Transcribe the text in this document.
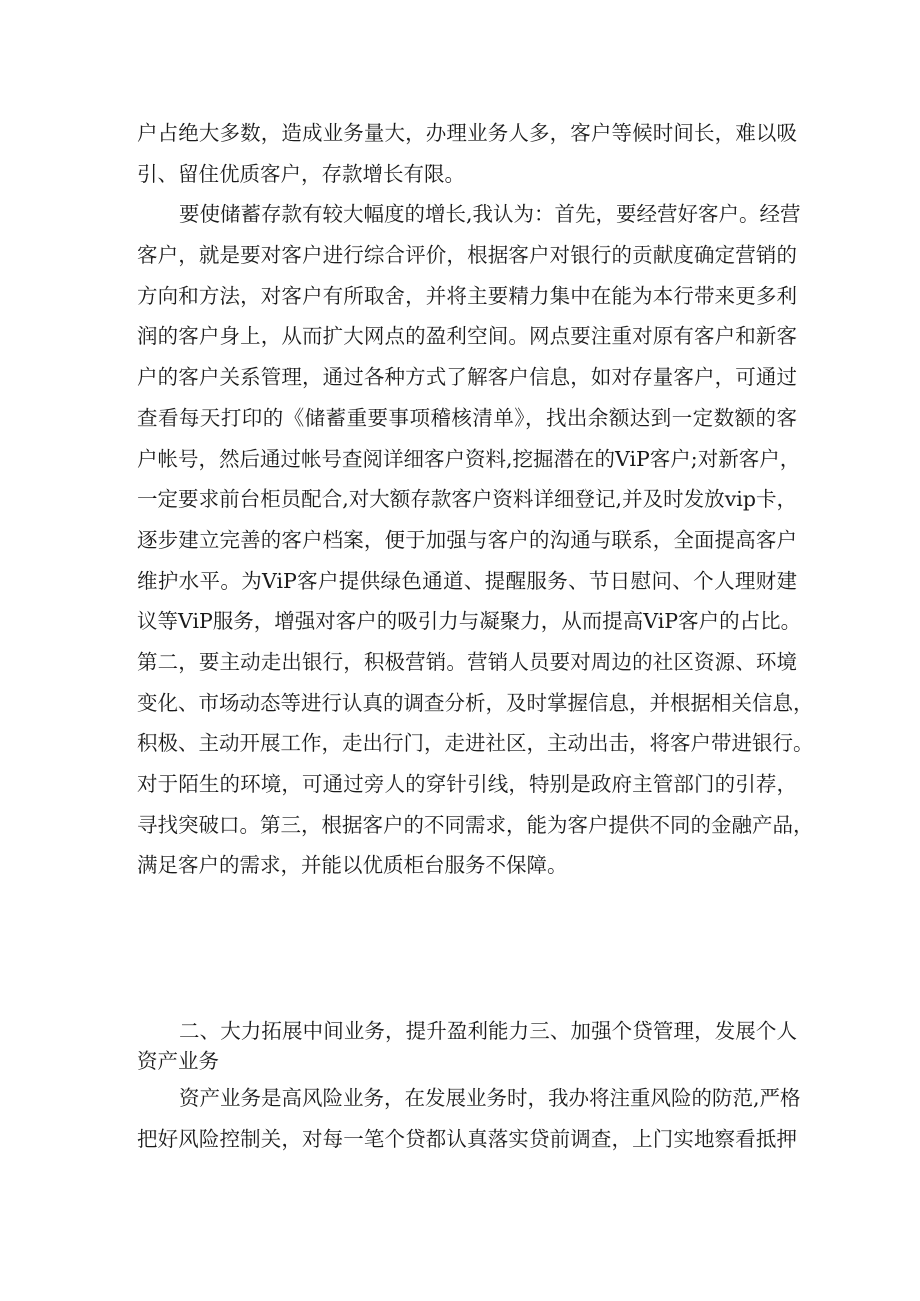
户占绝大多数，造成业务量大，办理业务人多，客户等候时间长，难以吸
引、留住优质客户，存款增长有限。
要使储蓄存款有较大幅度的增长,我认为：首先，要经营好客户。经营
客户，就是要对客户进行综合评价，根据客户对银行的贡献度确定营销的
方向和方法，对客户有所取舍，并将主要精力集中在能为本行带来更多利
润的客户身上，从而扩大网点的盈利空间。网点要注重对原有客户和新客
户的客户关系管理，通过各种方式了解客户信息，如对存量客户，可通过
查看每天打印的《储蓄重要事项稽核清单》，找出余额达到一定数额的客
户帐号，然后通过帐号查阅详细客户资料,挖掘潜在的ViP客户;对新客户，
一定要求前台柜员配合,对大额存款客户资料详细登记,并及时发放vip卡，
逐步建立完善的客户档案，便于加强与客户的沟通与联系，全面提高客户
维护水平。为ViP客户提供绿色通道、提醒服务、节日慰问、个人理财建
议等ViP服务，增强对客户的吸引力与凝聚力，从而提高ViP客户的占比。
第二，要主动走出银行，积极营销。营销人员要对周边的社区资源、环境
变化、市场动态等进行认真的调查分析，及时掌握信息，并根据相关信息，
积极、主动开展工作，走出行门，走进社区，主动出击，将客户带进银行。
对于陌生的环境，可通过旁人的穿针引线，特别是政府主管部门的引荐，
寻找突破口。第三，根据客户的不同需求，能为客户提供不同的金融产品，
满足客户的需求，并能以优质柜台服务不保障。
二、大力拓展中间业务，提升盈利能力三、加强个贷管理，发展个人
资产业务
资产业务是高风险业务，在发展业务时，我办将注重风险的防范,严格
把好风险控制关，对每一笔个贷都认真落实贷前调查，上门实地察看抵押
